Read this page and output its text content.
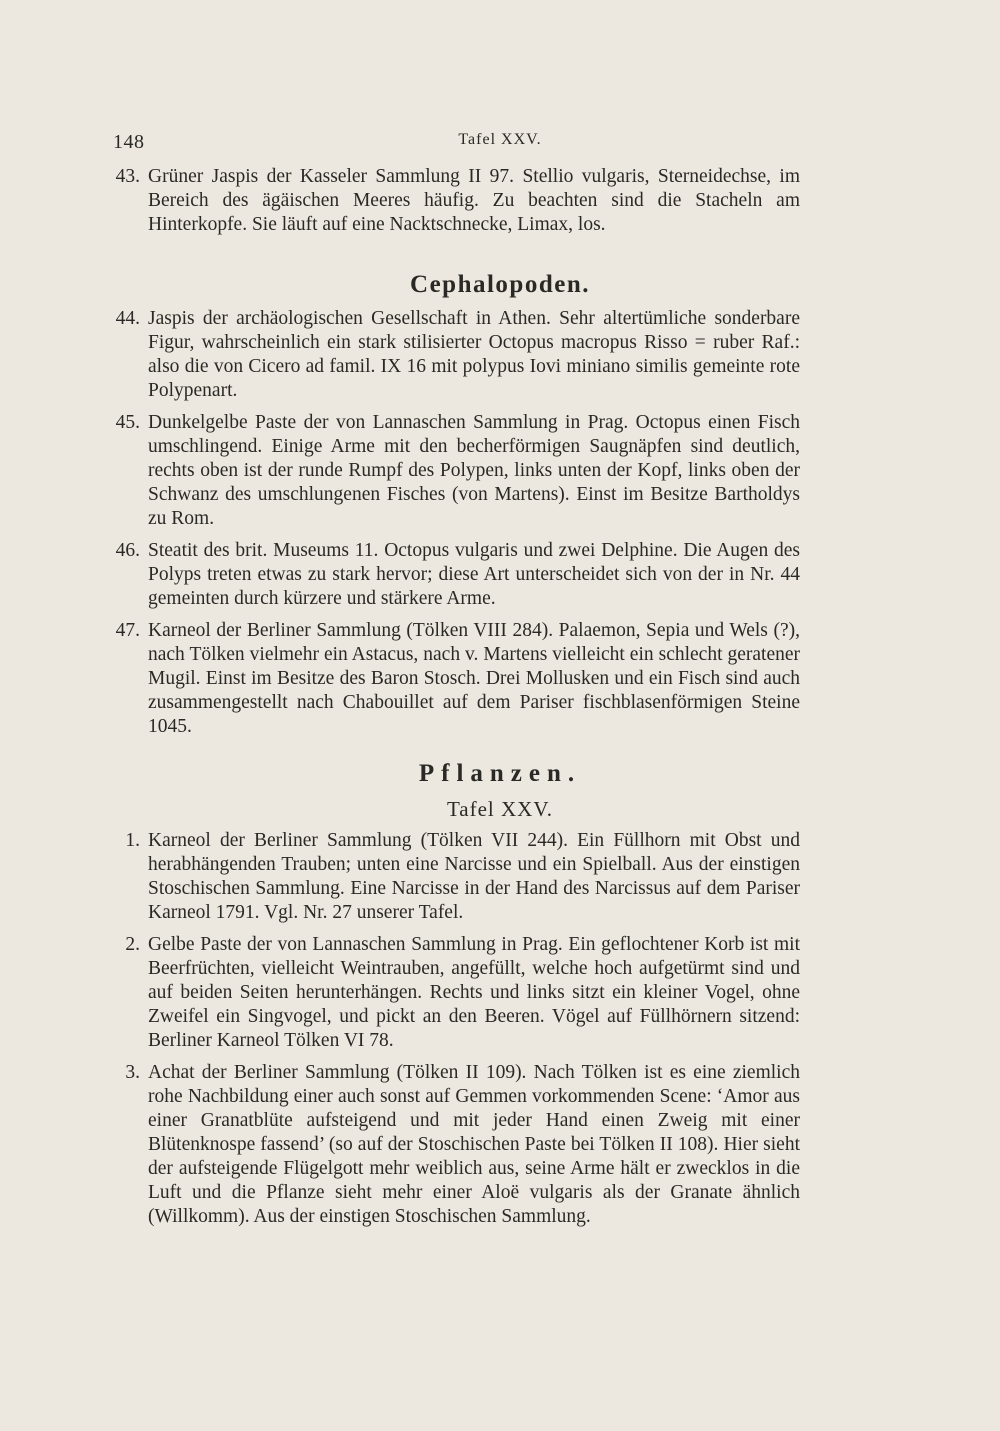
148	Tafel XXV.
43. Grüner Jaspis der Kasseler Sammlung II 97. Stellio vulgaris, Sterneidechse, im Bereich des ägäischen Meeres häufig. Zu beachten sind die Stacheln am Hinterkopfe. Sie läuft auf eine Nacktschnecke, Limax, los.
Cephalopoden.
44. Jaspis der archäologischen Gesellschaft in Athen. Sehr altertümliche sonderbare Figur, wahrscheinlich ein stark stilisierter Octopus macropus Risso = ruber Raf.: also die von Cicero ad famil. IX 16 mit polypus Iovi miniano similis gemeinte rote Polypenart.
45. Dunkelgelbe Paste der von Lannaschen Sammlung in Prag. Octopus einen Fisch umschlingend. Einige Arme mit den becherförmigen Saugnäpfen sind deutlich, rechts oben ist der runde Rumpf des Polypen, links unten der Kopf, links oben der Schwanz des umschlungenen Fisches (von Martens). Einst im Besitze Bartholdys zu Rom.
46. Steatit des brit. Museums 11. Octopus vulgaris und zwei Delphine. Die Augen des Polyps treten etwas zu stark hervor; diese Art unterscheidet sich von der in Nr. 44 gemeinten durch kürzere und stärkere Arme.
47. Karneol der Berliner Sammlung (Tölken VIII 284). Palaemon, Sepia und Wels (?), nach Tölken vielmehr ein Astacus, nach v. Martens vielleicht ein schlecht geratener Mugil. Einst im Besitze des Baron Stosch. Drei Mollusken und ein Fisch sind auch zusammengestellt nach Chabouillet auf dem Pariser fischblasenförmigen Steine 1045.
Pflanzen.
Tafel XXV.
1. Karneol der Berliner Sammlung (Tölken VII 244). Ein Füllhorn mit Obst und herabhängenden Trauben; unten eine Narcisse und ein Spielball. Aus der einstigen Stoschischen Sammlung. Eine Narcisse in der Hand des Narcissus auf dem Pariser Karneol 1791. Vgl. Nr. 27 unserer Tafel.
2. Gelbe Paste der von Lannaschen Sammlung in Prag. Ein geflochtener Korb ist mit Beerfrüchten, vielleicht Weintrauben, angefüllt, welche hoch aufgetürmt sind und auf beiden Seiten herunterhängen. Rechts und links sitzt ein kleiner Vogel, ohne Zweifel ein Singvogel, und pickt an den Beeren. Vögel auf Füllhörnern sitzend: Berliner Karneol Tölken VI 78.
3. Achat der Berliner Sammlung (Tölken II 109). Nach Tölken ist es eine ziemlich rohe Nachbildung einer auch sonst auf Gemmen vorkommenden Scene: ‘Amor aus einer Granatblüte aufsteigend und mit jeder Hand einen Zweig mit einer Blütenknospe fassend’ (so auf der Stoschischen Paste bei Tölken II 108). Hier sieht der aufsteigende Flügelgott mehr weiblich aus, seine Arme hält er zwecklos in die Luft und die Pflanze sieht mehr einer Aloë vulgaris als der Granate ähnlich (Willkomm). Aus der einstigen Stoschischen Sammlung.
